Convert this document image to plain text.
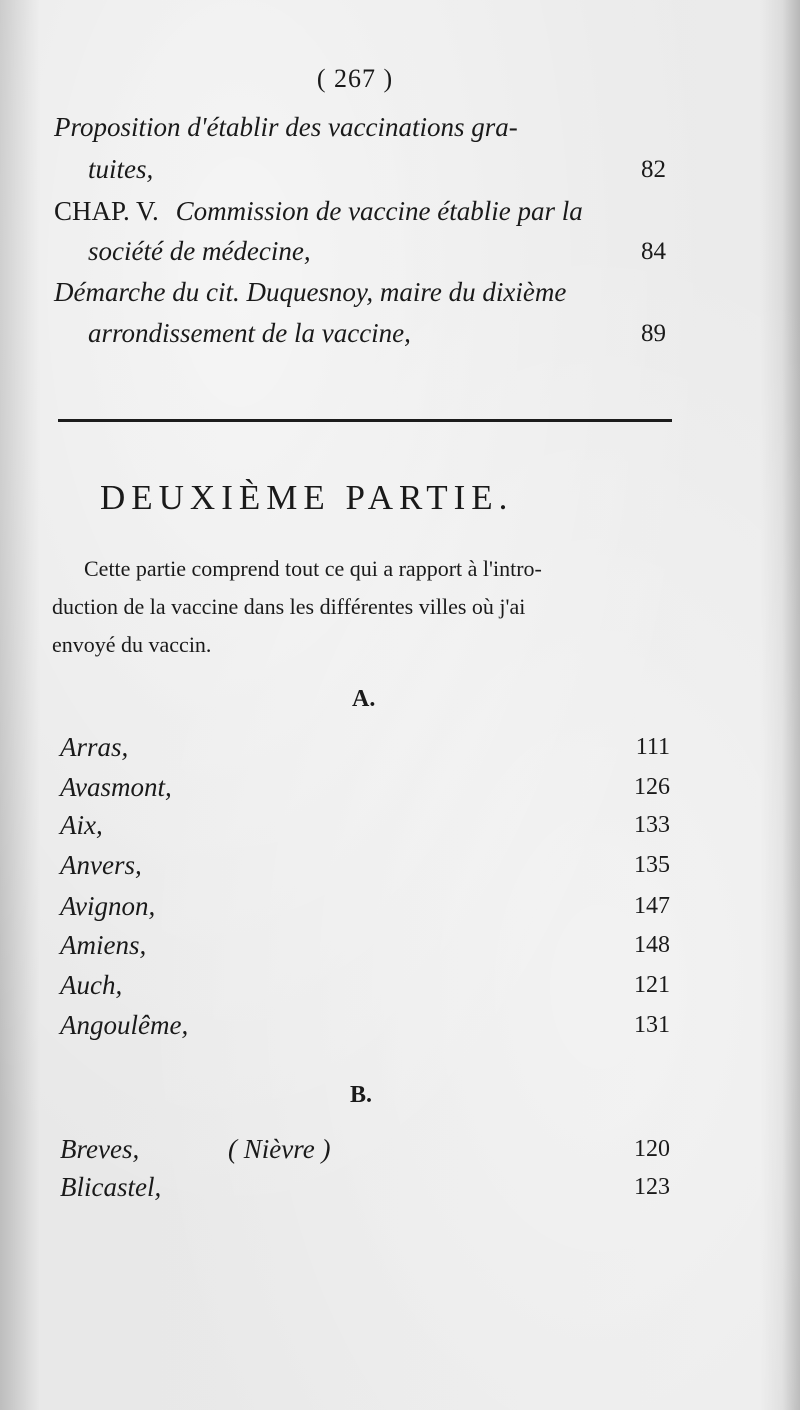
( 267 )
Proposition d'établir des vaccinations gra-
tuites,	82
CHAP. V. Commission de vaccine établie par la
société de médecine,	84
Démarche du cit. Duquesnoy, maire du dixième
arrondissement de la vaccine,	89
DEUXIÈME PARTIE.
Cette partie comprend tout ce qui a rapport à l'intro-
duction de la vaccine dans les différentes villes où j'ai
envoyé du vaccin.
A.
Arras,	111
Avasmont,	126
Aix,	133
Anvers,	135
Avignon,	147
Amiens,	148
Auch,	121
Angoulême,	131
B.
Breves,	( Nièvre )	120
Blicastel,	123
